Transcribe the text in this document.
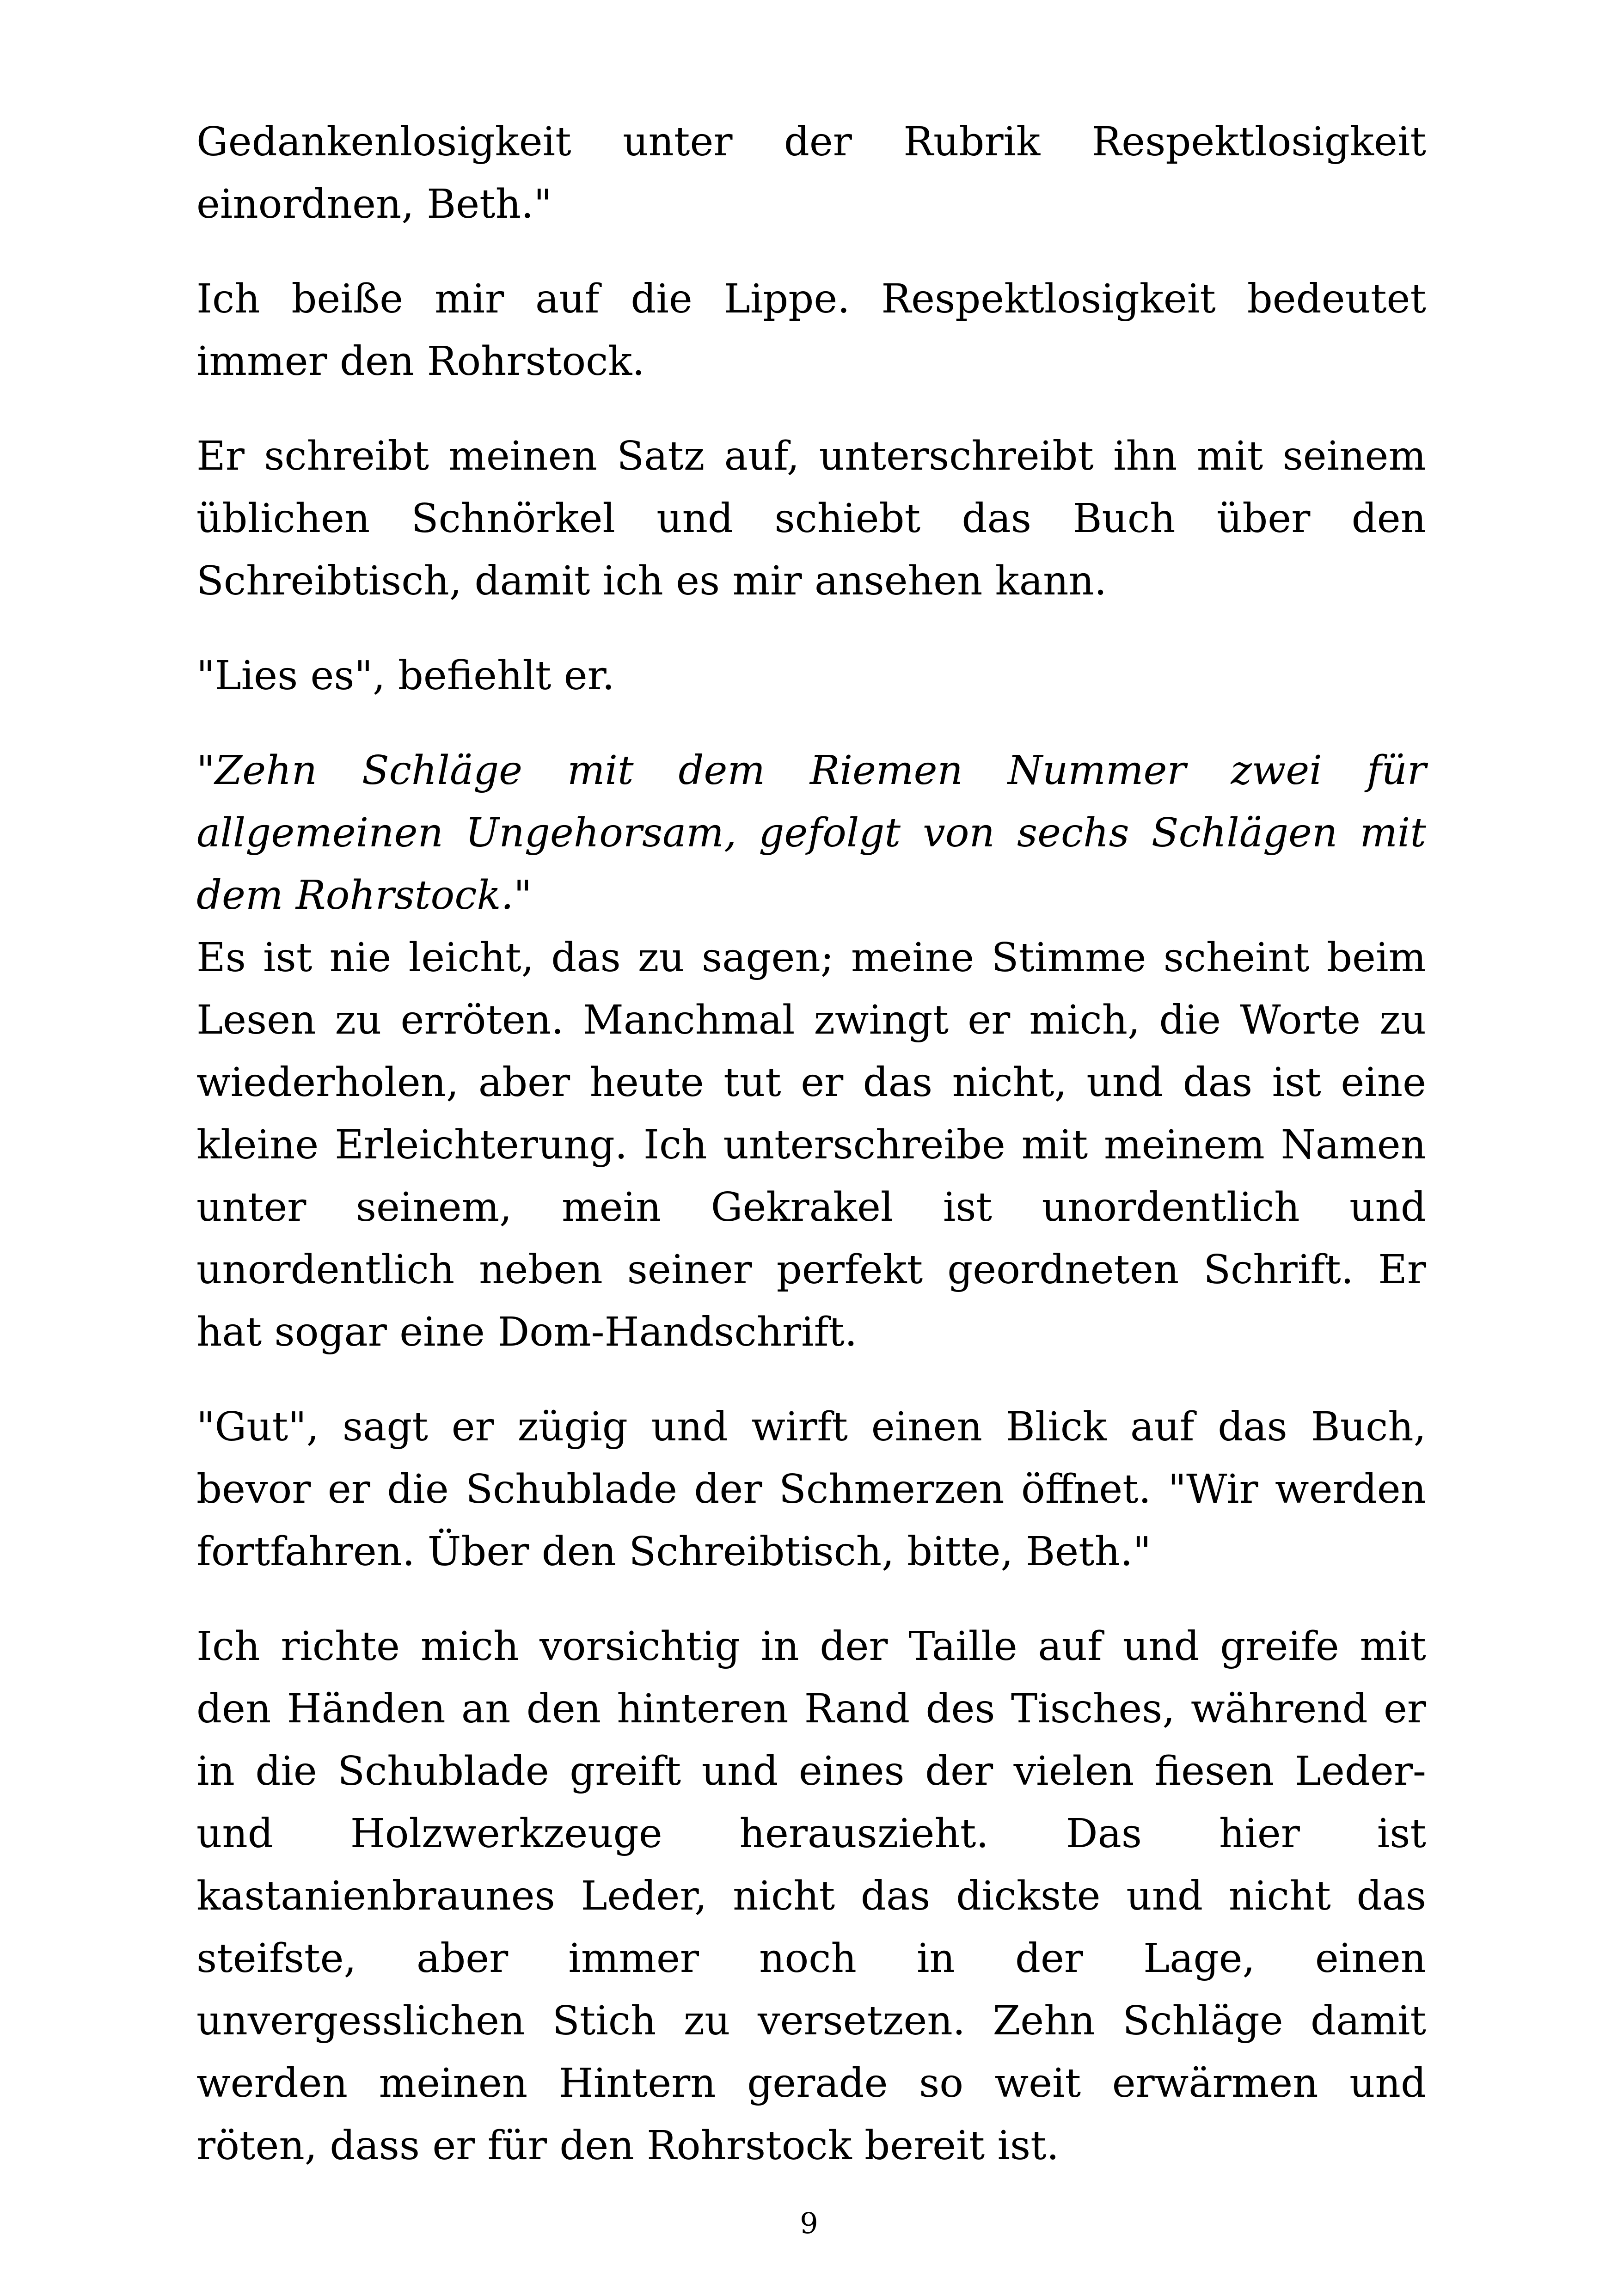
Gedankenlosigkeit unter der Rubrik Respektlosigkeit einordnen, Beth."

Ich beiße mir auf die Lippe. Respektlosigkeit bedeutet immer den Rohrstock.

Er schreibt meinen Satz auf, unterschreibt ihn mit seinem üblichen Schnörkel und schiebt das Buch über den Schreibtisch, damit ich es mir ansehen kann.

"Lies es", befiehlt er.

"Zehn Schläge mit dem Riemen Nummer zwei für allgemeinen Ungehorsam, gefolgt von sechs Schlägen mit dem Rohrstock."

Es ist nie leicht, das zu sagen; meine Stimme scheint beim Lesen zu erröten. Manchmal zwingt er mich, die Worte zu wiederholen, aber heute tut er das nicht, und das ist eine kleine Erleichterung. Ich unterschreibe mit meinem Namen unter seinem, mein Gekrakel ist unordentlich und unordentlich neben seiner perfekt geordneten Schrift. Er hat sogar eine Dom-Handschrift.

"Gut", sagt er zügig und wirft einen Blick auf das Buch, bevor er die Schublade der Schmerzen öffnet. "Wir werden fortfahren. Über den Schreibtisch, bitte, Beth."

Ich richte mich vorsichtig in der Taille auf und greife mit den Händen an den hinteren Rand des Tisches, während er in die Schublade greift und eines der vielen fiesen Leder- und Holzwerkzeuge herauszieht. Das hier ist kastanienbraunes Leder, nicht das dickste und nicht das steifste, aber immer noch in der Lage, einen unvergesslichen Stich zu versetzen. Zehn Schläge damit werden meinen Hintern gerade so weit erwärmen und röten, dass er für den Rohrstock bereit ist.

9
